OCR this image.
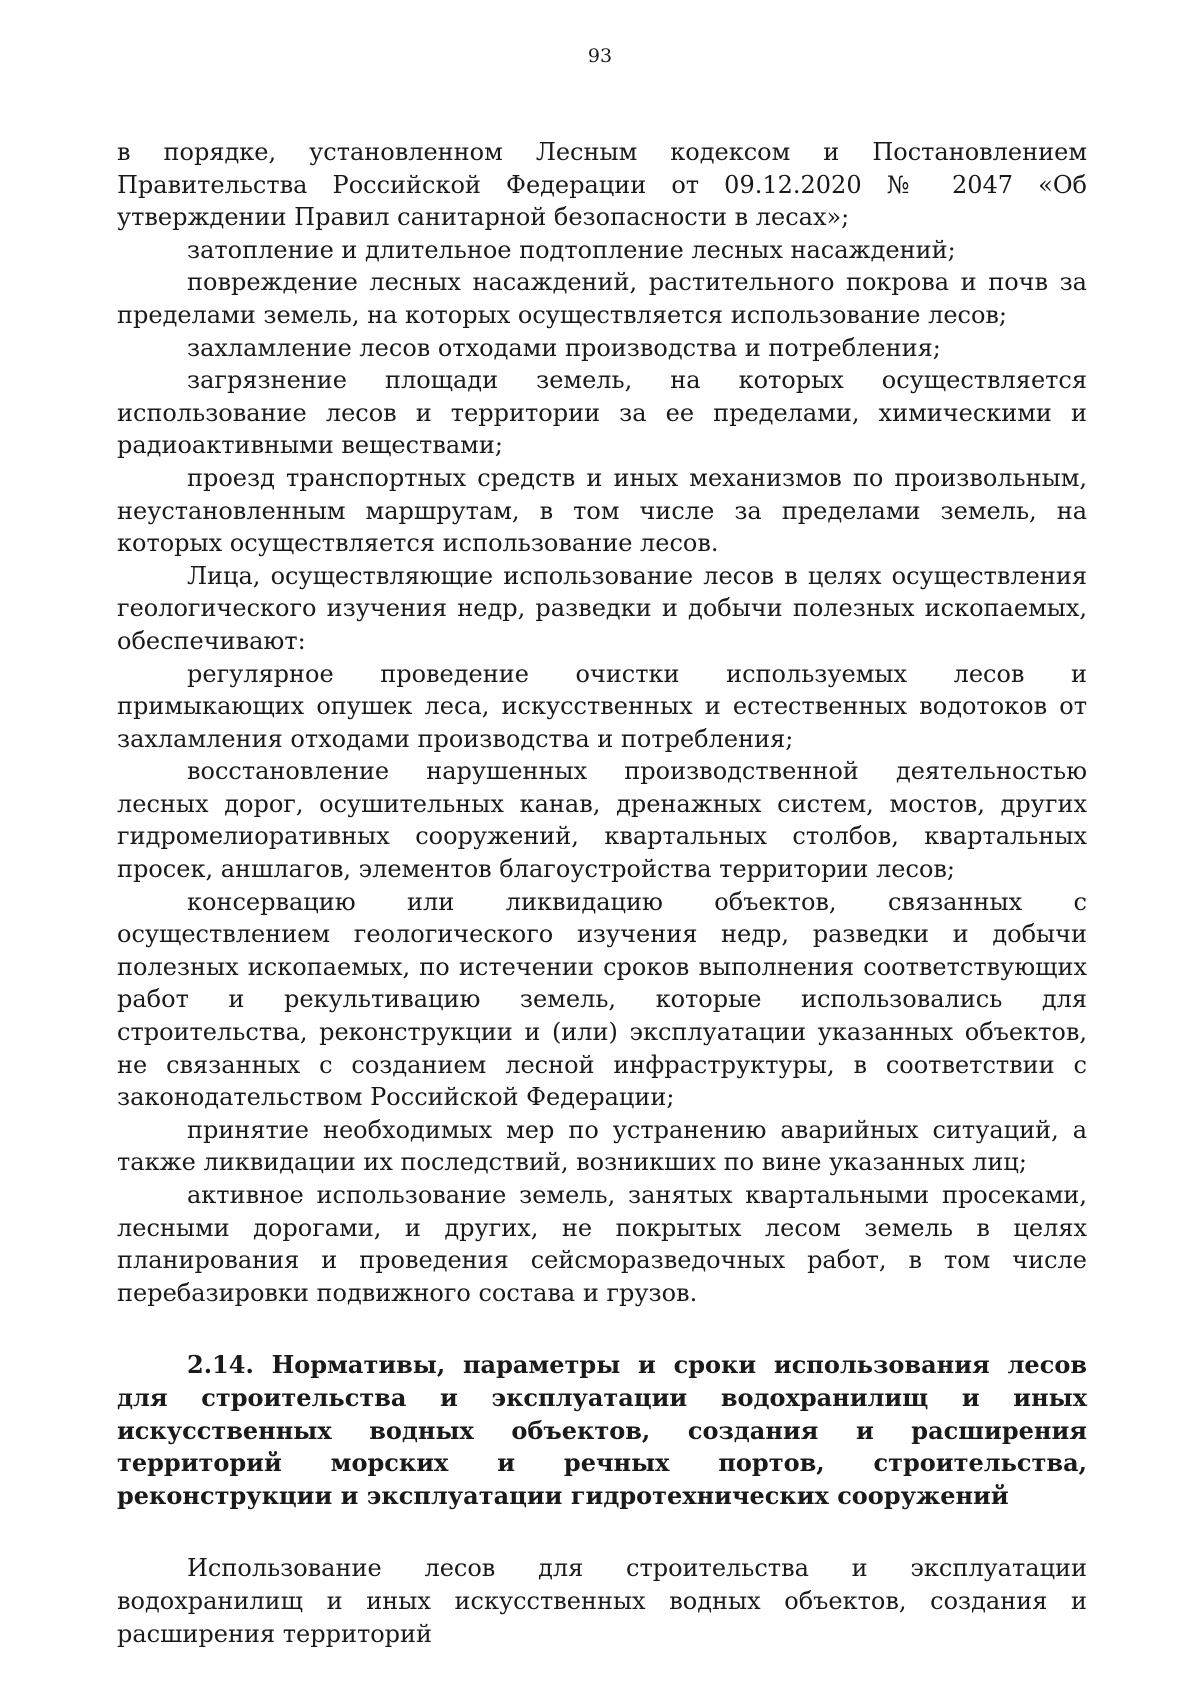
93

в порядке, установленном Лесным кодексом и Постановлением Правительства Российской Федерации от 09.12.2020 № 2047 «Об утверждении Правил санитарной безопасности в лесах»;

затопление и длительное подтопление лесных насаждений;

повреждение лесных насаждений, растительного покрова и почв за пределами земель, на которых осуществляется использование лесов;

захламление лесов отходами производства и потребления;

загрязнение площади земель, на которых осуществляется использование лесов и территории за ее пределами, химическими и радиоактивными веществами;

проезд транспортных средств и иных механизмов по произвольным, неустановленным маршрутам, в том числе за пределами земель, на которых осуществляется использование лесов.

Лица, осуществляющие использование лесов в целях осуществления геологического изучения недр, разведки и добычи полезных ископаемых, обеспечивают:

регулярное проведение очистки используемых лесов и примыкающих опушек леса, искусственных и естественных водотоков от захламления отходами производства и потребления;

восстановление нарушенных производственной деятельностью лесных дорог, осушительных канав, дренажных систем, мостов, других гидромелиоративных сооружений, квартальных столбов, квартальных просек, аншлагов, элементов благоустройства территории лесов;

консервацию или ликвидацию объектов, связанных с осуществлением геологического изучения недр, разведки и добычи полезных ископаемых, по истечении сроков выполнения соответствующих работ и рекультивацию земель, которые использовались для строительства, реконструкции и (или) эксплуатации указанных объектов, не связанных с созданием лесной инфраструктуры, в соответствии с законодательством Российской Федерации;

принятие необходимых мер по устранению аварийных ситуаций, а также ликвидации их последствий, возникших по вине указанных лиц;

активное использование земель, занятых квартальными просеками, лесными дорогами, и других, не покрытых лесом земель в целях планирования и проведения сейсморазведочных работ, в том числе перебазировки подвижного состава и грузов.

2.14. Нормативы, параметры и сроки использования лесов для строительства и эксплуатации водохранилищ и иных искусственных водных объектов, создания и расширения территорий морских и речных портов, строительства, реконструкции и эксплуатации гидротехнических сооружений

Использование лесов для строительства и эксплуатации водохранилищ и иных искусственных водных объектов, создания и расширения территорий
